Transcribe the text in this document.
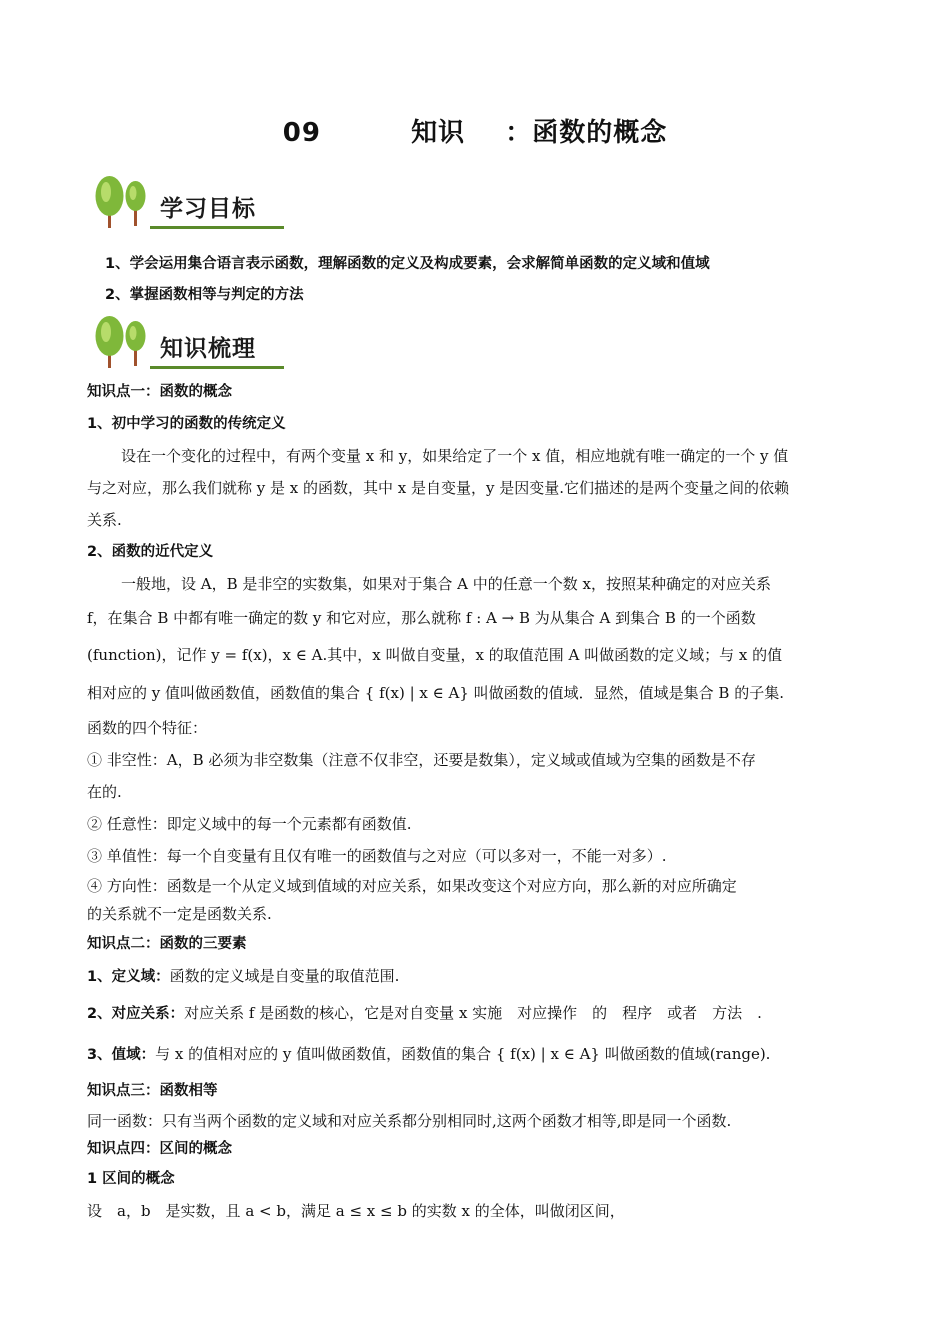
09	知识 ：函数的概念
学习目标
1、学会运用集合语言表示函数，理解函数的定义及构成要素，会求解简单函数的定义域和值域
2、掌握函数相等与判定的方法
知识梳理

知识点一：函数的概念

1、初中学习的函数的传统定义

设在一个变化的过程中，有两个变量 x 和 y，如果给定了一个 x 值，相应地就有唯一确定的一个 y 值

与之对应，那么我们就称 y 是 x 的函数，其中 x 是自变量，y 是因变量.它们描述的是两个变量之间的依赖

关系.

2、函数的近代定义

一般地，设 A，B 是非空的实数集，如果对于集合 A 中的任意一个数 x，按照某种确定的对应关系

f，在集合 B 中都有唯一确定的数 y 和它对应，那么就称 f : A → B 为从集合 A 到集合 B 的一个函数

(function)，记作 y = f(x)，x ∈ A.其中，x 叫做自变量，x 的取值范围 A 叫做函数的定义域；与 x 的值

相对应的 y 值叫做函数值，函数值的集合 { f(x) | x ∈ A} 叫做函数的值域．显然，值域是集合 B 的子集.

函数的四个特征：

① 非空性：A，B 必须为非空数集（注意不仅非空，还要是数集），定义域或值域为空集的函数是不存

在的.

② 任意性：即定义域中的每一个元素都有函数值.

③ 单值性：每一个自变量有且仅有唯一的函数值与之对应（可以多对一，不能一对多）.

④ 方向性：函数是一个从定义域到值域的对应关系，如果改变这个对应方向，那么新的对应所确定

的关系就不一定是函数关系.

知识点二：函数的三要素

1、定义域：函数的定义域是自变量的取值范围.

2、对应关系：对应关系 f 是函数的核心，它是对自变量 x 实施　对应操作　的　程序　或者　方法　.

3、值域：与 x 的值相对应的 y 值叫做函数值，函数值的集合 { f(x) | x ∈ A} 叫做函数的值域(range).

知识点三：函数相等

同一函数：只有当两个函数的定义域和对应关系都分别相同时,这两个函数才相等,即是同一个函数.

知识点四：区间的概念

1 区间的概念

设　a，b　是实数，且 a < b，满足 a ≤ x ≤ b 的实数 x 的全体，叫做闭区间，
